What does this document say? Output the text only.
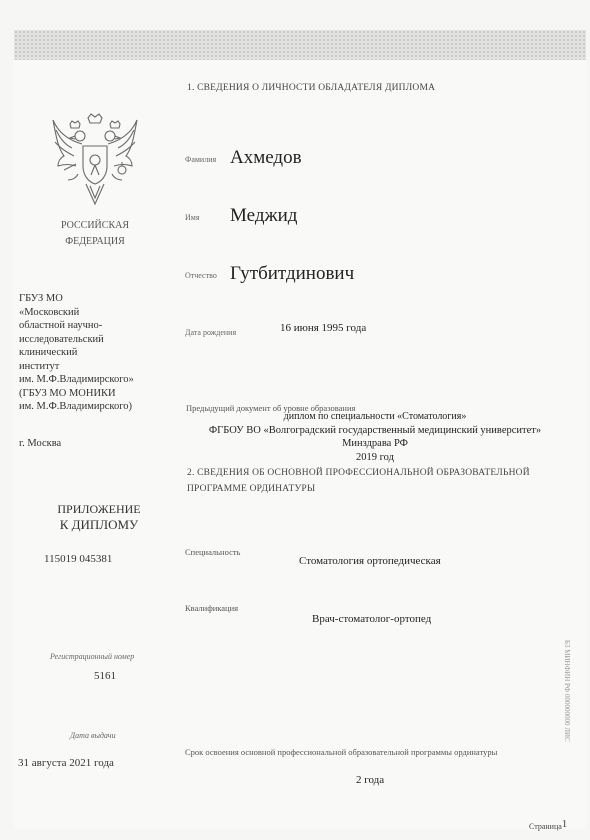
РОССИЙСКАЯ
ФЕДЕРАЦИЯ
ГБУЗ МО
«Московский
областной научно-
исследовательский
клинический
институт
им. М.Ф.Владимирского»
(ГБУЗ МО МОНИКИ
им. М.Ф.Владимирского)
г. Москва
ПРИЛОЖЕНИЕ
К ДИПЛОМУ
115019 045381
Регистрационный номер
5161
Дата выдачи
31 августа 2021 года
1. СВЕДЕНИЯ О ЛИЧНОСТИ ОБЛАДАТЕЛЯ ДИПЛОМА
Фамилия Ахмедов
Имя Меджид
Отчество Гутбитдинович
Дата рождения	16 июня 1995 года
Предыдущий документ об уровне образования
диплом по специальности «Стоматология»
ФГБОУ ВО «Волгоградский государственный медицинский университет»
Минздрава РФ
2019 год
2. СВЕДЕНИЯ ОБ ОСНОВНОЙ ПРОФЕССИОНАЛЬНОЙ ОБРАЗОВАТЕЛЬНОЙ
ПРОГРАММЕ ОРДИНАТУРЫ
Специальность
Стоматология ортопедическая
Квалификация
Врач-стоматолог-ортопед
Срок освоения основной профессиональной образовательной программы ординатуры
2 года
Страница1
Б3 МИНФИН РФ 000000000 ЛИС
